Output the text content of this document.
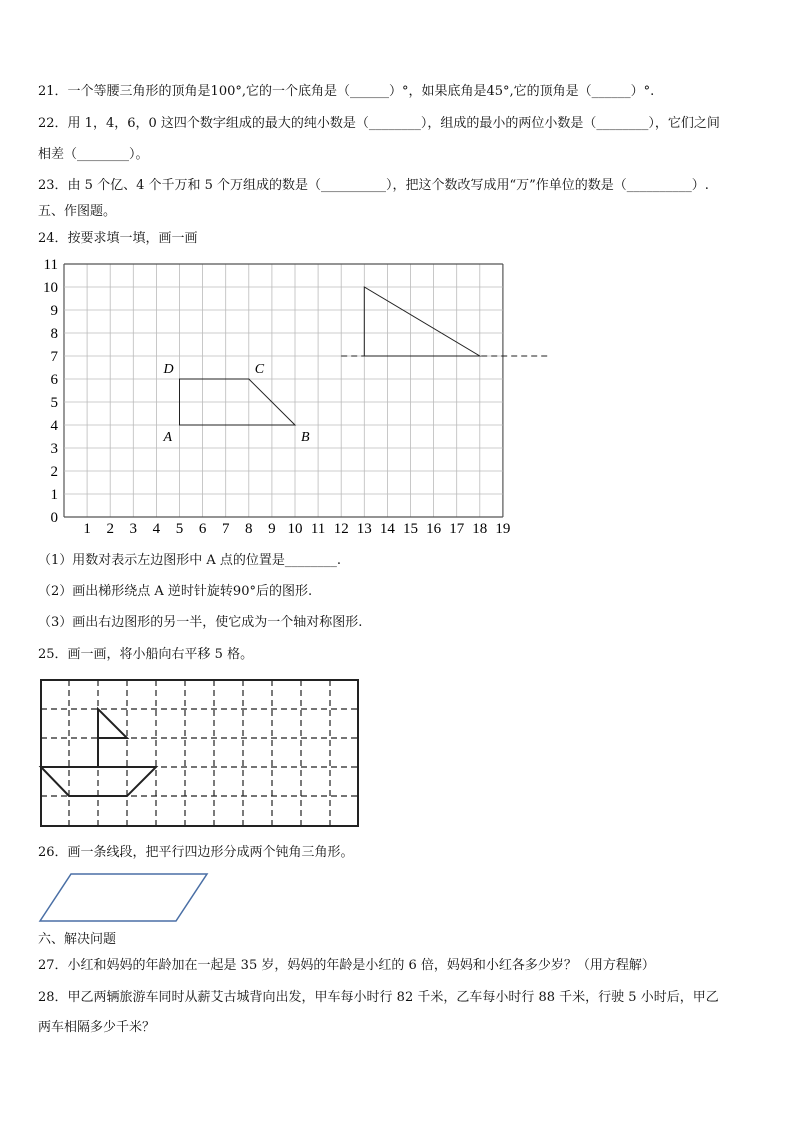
21．一个等腰三角形的顶角是100°,它的一个底角是（______）°，如果底角是45°,它的顶角是（______）°.
22．用 1，4，6，0 这四个数字组成的最大的纯小数是（________），组成的最小的两位小数是（________），它们之间
相差（________）。
23．由 5 个亿、4 个千万和 5 个万组成的数是（__________），把这个数改写成用“万”作单位的数是（__________）.
五、作图题。
24．按要求填一填，画一画
1 2 3 4 5 6 7 8 9 10 11 12 13 14 15 16 17 18 19
0
1
2
3
4
5
6
7
8
9
10
11
A	B
C
D
（1）用数对表示左边图形中 A 点的位置是________.
（2）画出梯形绕点 A 逆时针旋转90°后的图形.
（3）画出右边图形的另一半，使它成为一个轴对称图形.
25．画一画，将小船向右平移 5 格。
26．画一条线段，把平行四边形分成两个钝角三角形。
六、解决问题
27．小红和妈妈的年龄加在一起是 35 岁，妈妈的年龄是小红的 6 倍，妈妈和小红各多少岁？（用方程解）
28．甲乙两辆旅游车同时从薪艾古城背向出发，甲车每小时行 82 千米，乙车每小时行 88 千米，行驶 5 小时后，甲乙
两车相隔多少千米？
